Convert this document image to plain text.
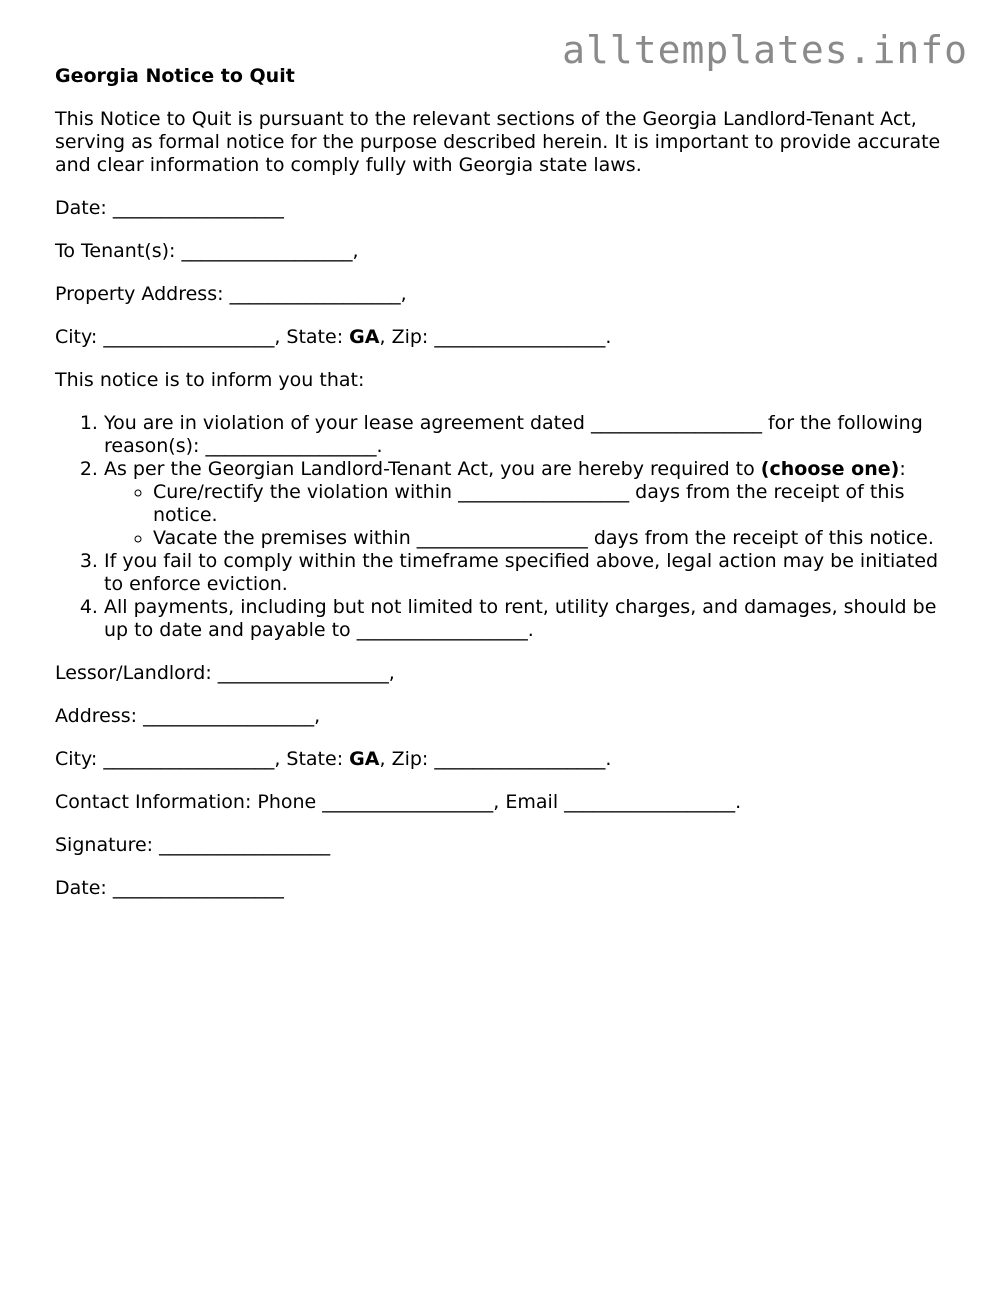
alltemplates.info
Georgia Notice to Quit

This Notice to Quit is pursuant to the relevant sections of the Georgia Landlord-Tenant Act, serving as formal notice for the purpose described herein. It is important to provide accurate and clear information to comply fully with Georgia state laws.

Date: __________________

To Tenant(s): __________________,

Property Address: __________________,

City: __________________, State: GA, Zip: __________________.

This notice is to inform you that:

1. You are in violation of your lease agreement dated __________________ for the following reason(s): __________________.
2. As per the Georgian Landlord-Tenant Act, you are hereby required to (choose one):
◦ Cure/rectify the violation within __________________ days from the receipt of this notice.
◦ Vacate the premises within __________________ days from the receipt of this notice.
3. If you fail to comply within the timeframe specified above, legal action may be initiated to enforce eviction.
4. All payments, including but not limited to rent, utility charges, and damages, should be up to date and payable to __________________.

Lessor/Landlord: __________________,

Address: __________________,

City: __________________, State: GA, Zip: __________________.

Contact Information: Phone __________________, Email __________________.

Signature: __________________

Date: __________________
